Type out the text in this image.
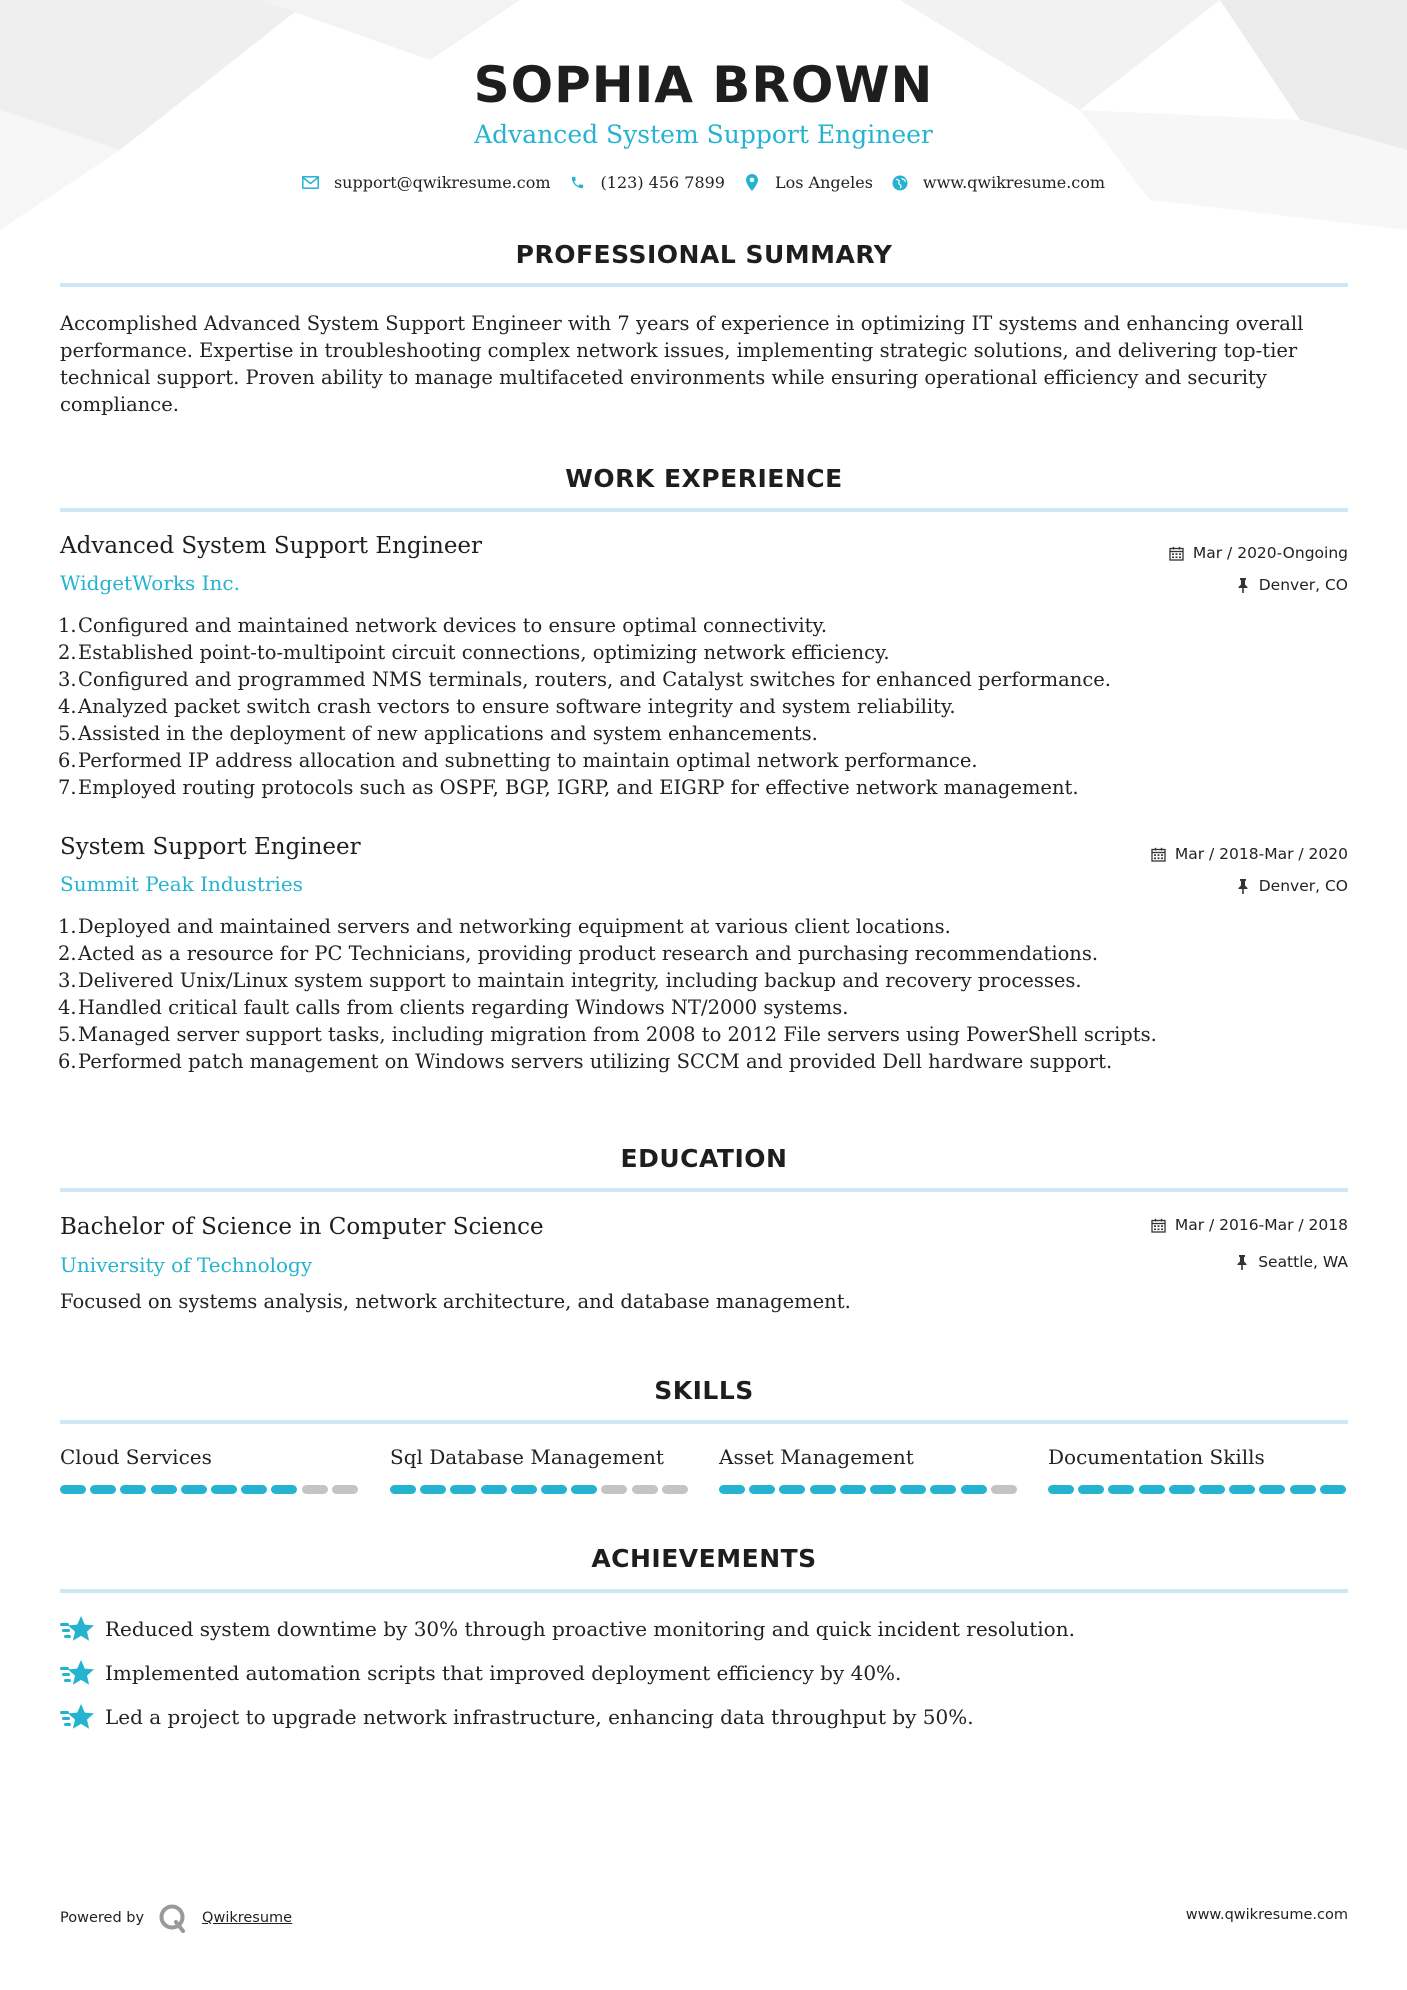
SOPHIA BROWN
Advanced System Support Engineer
support@qwikresume.com	(123) 456 7899	Los Angeles	www.qwikresume.com
PROFESSIONAL SUMMARY
Accomplished Advanced System Support Engineer with 7 years of experience in optimizing IT systems and enhancing overall performance. Expertise in troubleshooting complex network issues, implementing strategic solutions, and delivering top-tier technical support. Proven ability to manage multifaceted environments while ensuring operational efficiency and security compliance.
WORK EXPERIENCE
Advanced System Support Engineer
WidgetWorks Inc.
Mar / 2020-Ongoing
Denver, CO
1. Configured and maintained network devices to ensure optimal connectivity.
2. Established point-to-multipoint circuit connections, optimizing network efficiency.
3. Configured and programmed NMS terminals, routers, and Catalyst switches for enhanced performance.
4. Analyzed packet switch crash vectors to ensure software integrity and system reliability.
5. Assisted in the deployment of new applications and system enhancements.
6. Performed IP address allocation and subnetting to maintain optimal network performance.
7. Employed routing protocols such as OSPF, BGP, IGRP, and EIGRP for effective network management.
System Support Engineer
Summit Peak Industries
Mar / 2018-Mar / 2020
Denver, CO
1. Deployed and maintained servers and networking equipment at various client locations.
2. Acted as a resource for PC Technicians, providing product research and purchasing recommendations.
3. Delivered Unix/Linux system support to maintain integrity, including backup and recovery processes.
4. Handled critical fault calls from clients regarding Windows NT/2000 systems.
5. Managed server support tasks, including migration from 2008 to 2012 File servers using PowerShell scripts.
6. Performed patch management on Windows servers utilizing SCCM and provided Dell hardware support.
EDUCATION
Bachelor of Science in Computer Science
University of Technology
Mar / 2016-Mar / 2018
Seattle, WA
Focused on systems analysis, network architecture, and database management.
SKILLS
Cloud Services	Sql Database Management	Asset Management	Documentation Skills
ACHIEVEMENTS
Reduced system downtime by 30% through proactive monitoring and quick incident resolution.
Implemented automation scripts that improved deployment efficiency by 40%.
Led a project to upgrade network infrastructure, enhancing data throughput by 50%.
Powered by	Qwikresume	www.qwikresume.com
